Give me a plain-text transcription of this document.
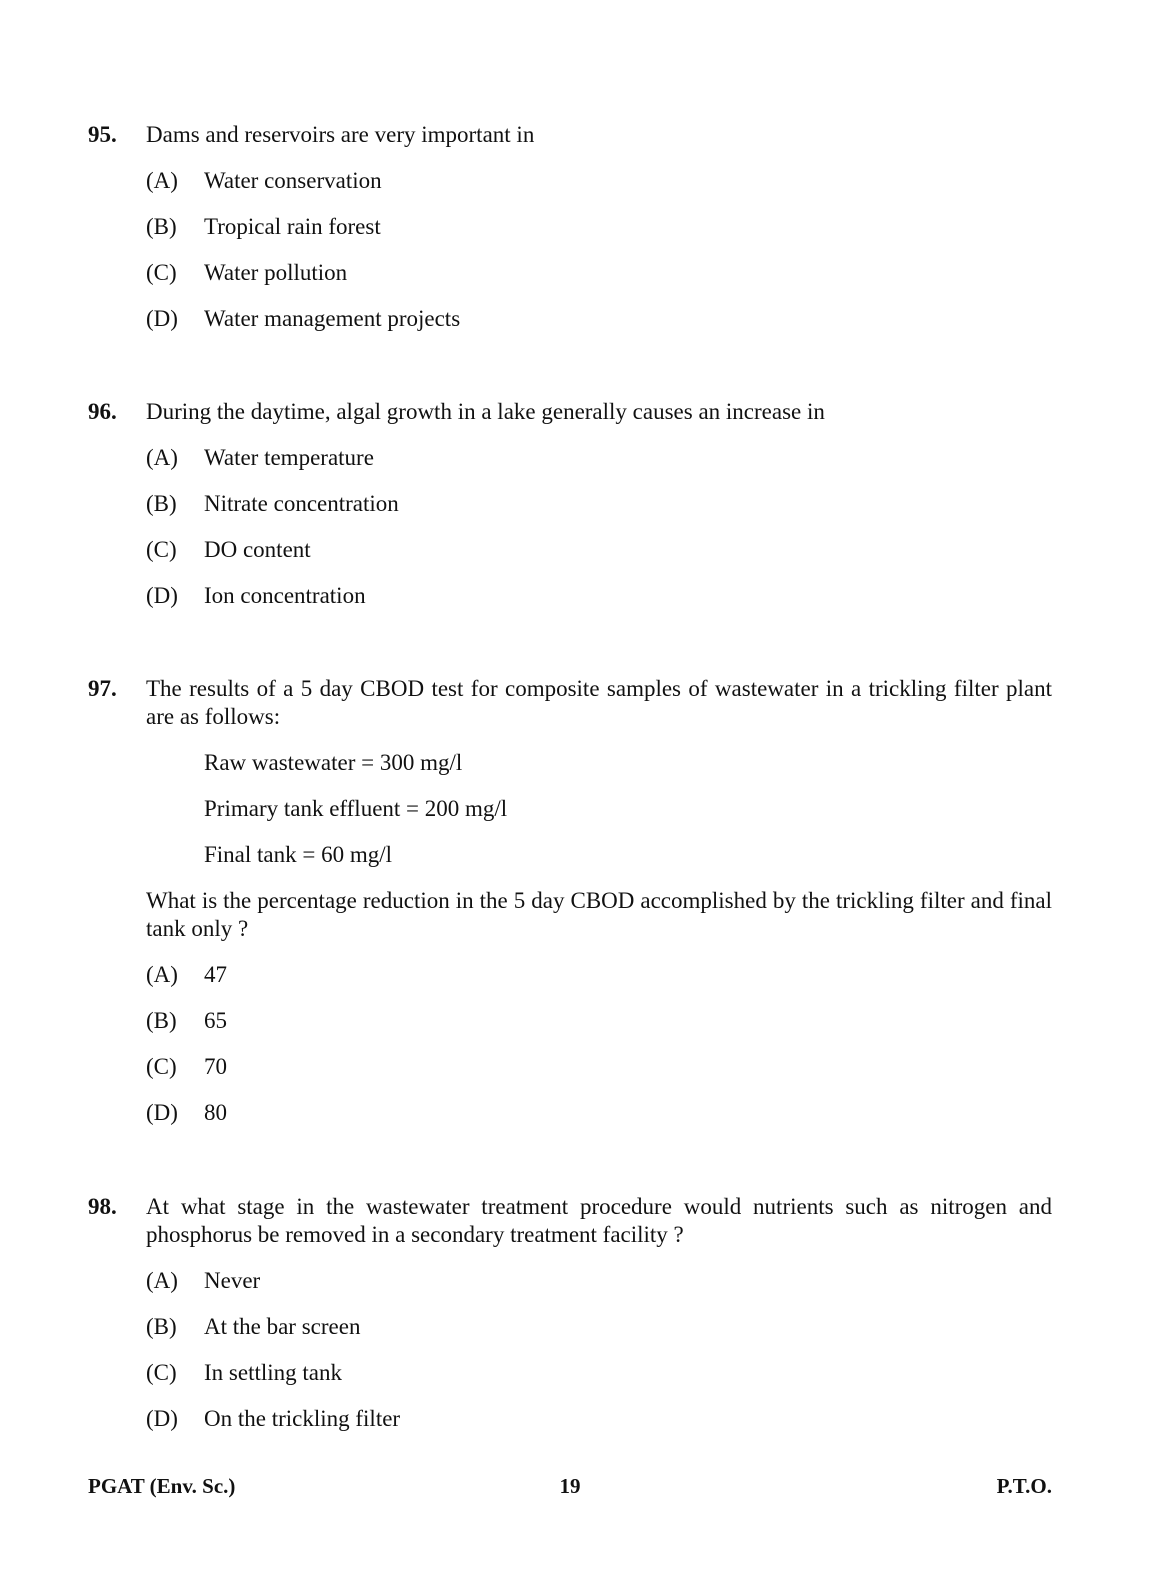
95.	Dams and reservoirs are very important in
(A)	Water conservation
(B)	Tropical rain forest
(C)	Water pollution
(D)	Water management projects
96.	During the daytime, algal growth in a lake generally causes an increase in
(A)	Water temperature
(B)	Nitrate concentration
(C)	DO content
(D)	Ion concentration
97.	The results of a 5 day CBOD test for composite samples of wastewater in a trickling filter plant are as follows:
Raw wastewater = 300 mg/l
Primary tank effluent = 200 mg/l
Final tank = 60 mg/l
What is the percentage reduction in the 5 day CBOD accomplished by the trickling filter and final tank only ?
(A)	47
(B)	65
(C)	70
(D)	80
98.	At what stage in the wastewater treatment procedure would nutrients such as nitrogen and phosphorus be removed in a secondary treatment facility ?
(A)	Never
(B)	At the bar screen
(C)	In settling tank
(D)	On the trickling filter
PGAT (Env. Sc.)	19	P.T.O.
